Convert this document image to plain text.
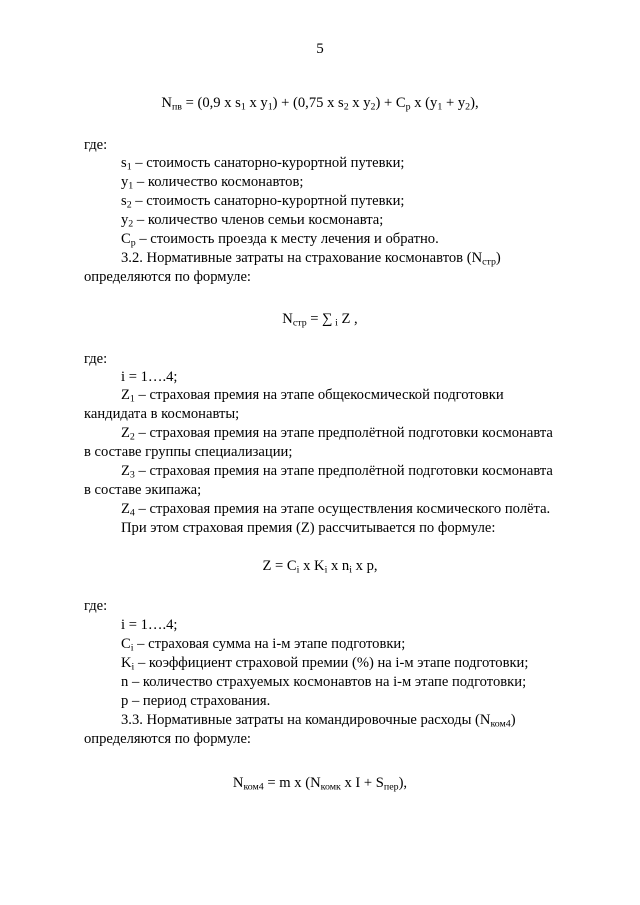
5
$N_{пв} = (0,9$ x $s_1$ x $y_1) + (0,75$ x $s_2$ x $y_2) + C_p$ x $(y_1 + y_2)$,
где:
$s_1$ – стоимость санаторно-курортной путевки;
$y_1$ – количество космонавтов;
$s_2$ – стоимость санаторно-курортной путевки;
$y_2$ – количество членов семьи космонавта;
$C_p$ – стоимость проезда к месту лечения и обратно.
3.2. Нормативные затраты на страхование космонавтов $(N_{стр})$
определяются по формуле:
$N_{стр}$ = ∑ $_i$ Z ,
где:
i = 1….4;
$Z_1$ – страховая премия на этапе общекосмической подготовки
кандидата в космонавты;
$Z_2$ – страховая премия на этапе предполётной подготовки космонавта
в составе группы специализации;
$Z_3$ – страховая премия на этапе предполётной подготовки космонавта
в составе экипажа;
$Z_4$ – страховая премия на этапе осуществления космического полёта.
При этом страховая премия (Z) рассчитывается по формуле:
$Z = C_i$ x $K_i$ x $n_i$ x p,
где:
i = 1….4;
$C_i$ – страховая сумма на i-м этапе подготовки;
$K_i$ – коэффициент страховой премии (%) на i-м этапе подготовки;
n – количество страхуемых космонавтов на i-м этапе подготовки;
p – период страхования.
3.3. Нормативные затраты на командировочные расходы $(N_{ком4})$
определяются по формуле:
$N_{ком4} = m$ x ($N_{комк}$ x $I + S_{пер}$),
